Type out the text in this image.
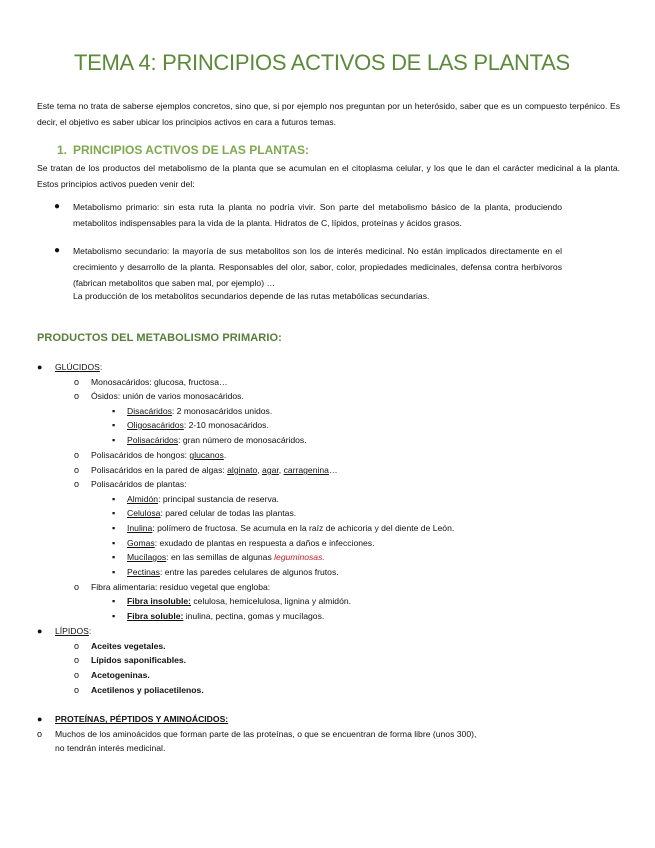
TEMA 4: PRINCIPIOS ACTIVOS DE LAS PLANTAS
Este tema no trata de saberse ejemplos concretos, sino que, si por ejemplo nos preguntan por un heterósido, saber que es un compuesto terpénico. Es decir, el objetivo es saber ubicar los principios activos en cara a futuros temas.
1. PRINCIPIOS ACTIVOS DE LAS PLANTAS:
Se tratan de los productos del metabolismo de la planta que se acumulan en el citoplasma celular, y los que le dan el carácter medicinal a la planta. Estos principios activos pueden venir del:
● Metabolismo primario: sin esta ruta la planta no podría vivir. Son parte del metabolismo básico de la planta, produciendo metabolitos indispensables para la vida de la planta. Hidratos de C, lípidos, proteínas y ácidos grasos.
● Metabolismo secundario: la mayoría de sus metabolitos son los de interés medicinal. No están implicados directamente en el crecimiento y desarrollo de la planta. Responsables del olor, sabor, color, propiedades medicinales, defensa contra herbívoros (fabrican metabolitos que saben mal, por ejemplo) …
La producción de los metabolitos secundarios depende de las rutas metabólicas secundarias.
PRODUCTOS DEL METABOLISMO PRIMARIO:
● GLÚCIDOS:
o Monosacáridos: glucosa, fructosa…
o Ósidos: unión de varios monosacáridos.
▪ Disacáridos: 2 monosacáridos unidos.
▪ Oligosacáridos: 2-10 monosacáridos.
▪ Polisacáridos: gran número de monosacáridos.
o Polisacáridos de hongos: glucanos.
o Polisacáridos en la pared de algas: alginato, agar, carragenina…
o Polisacáridos de plantas:
▪ Almidón: principal sustancia de reserva.
▪ Celulosa: pared celular de todas las plantas.
▪ Inulina: polímero de fructosa. Se acumula en la raíz de achicoria y del diente de León.
▪ Gomas: exudado de plantas en respuesta a daños e infecciones.
▪ Mucílagos: en las semillas de algunas leguminosas.
▪ Pectinas: entre las paredes celulares de algunos frutos.
o Fibra alimentaria: residuo vegetal que engloba:
▪ Fibra insoluble: celulosa, hemicelulosa, lignina y almidón.
▪ Fibra soluble: inulina, pectina, gomas y mucílagos.
● LÍPIDOS:
o Aceites vegetales.
o Lípidos saponificables.
o Acetogeninas.
o Acetilenos y poliacetilenos.
● PROTEÍNAS, PÉPTIDOS Y AMINOÁCIDOS:
o Muchos de los aminoácidos que forman parte de las proteínas, o que se encuentran de forma libre (unos 300),
no tendrán interés medicinal.
